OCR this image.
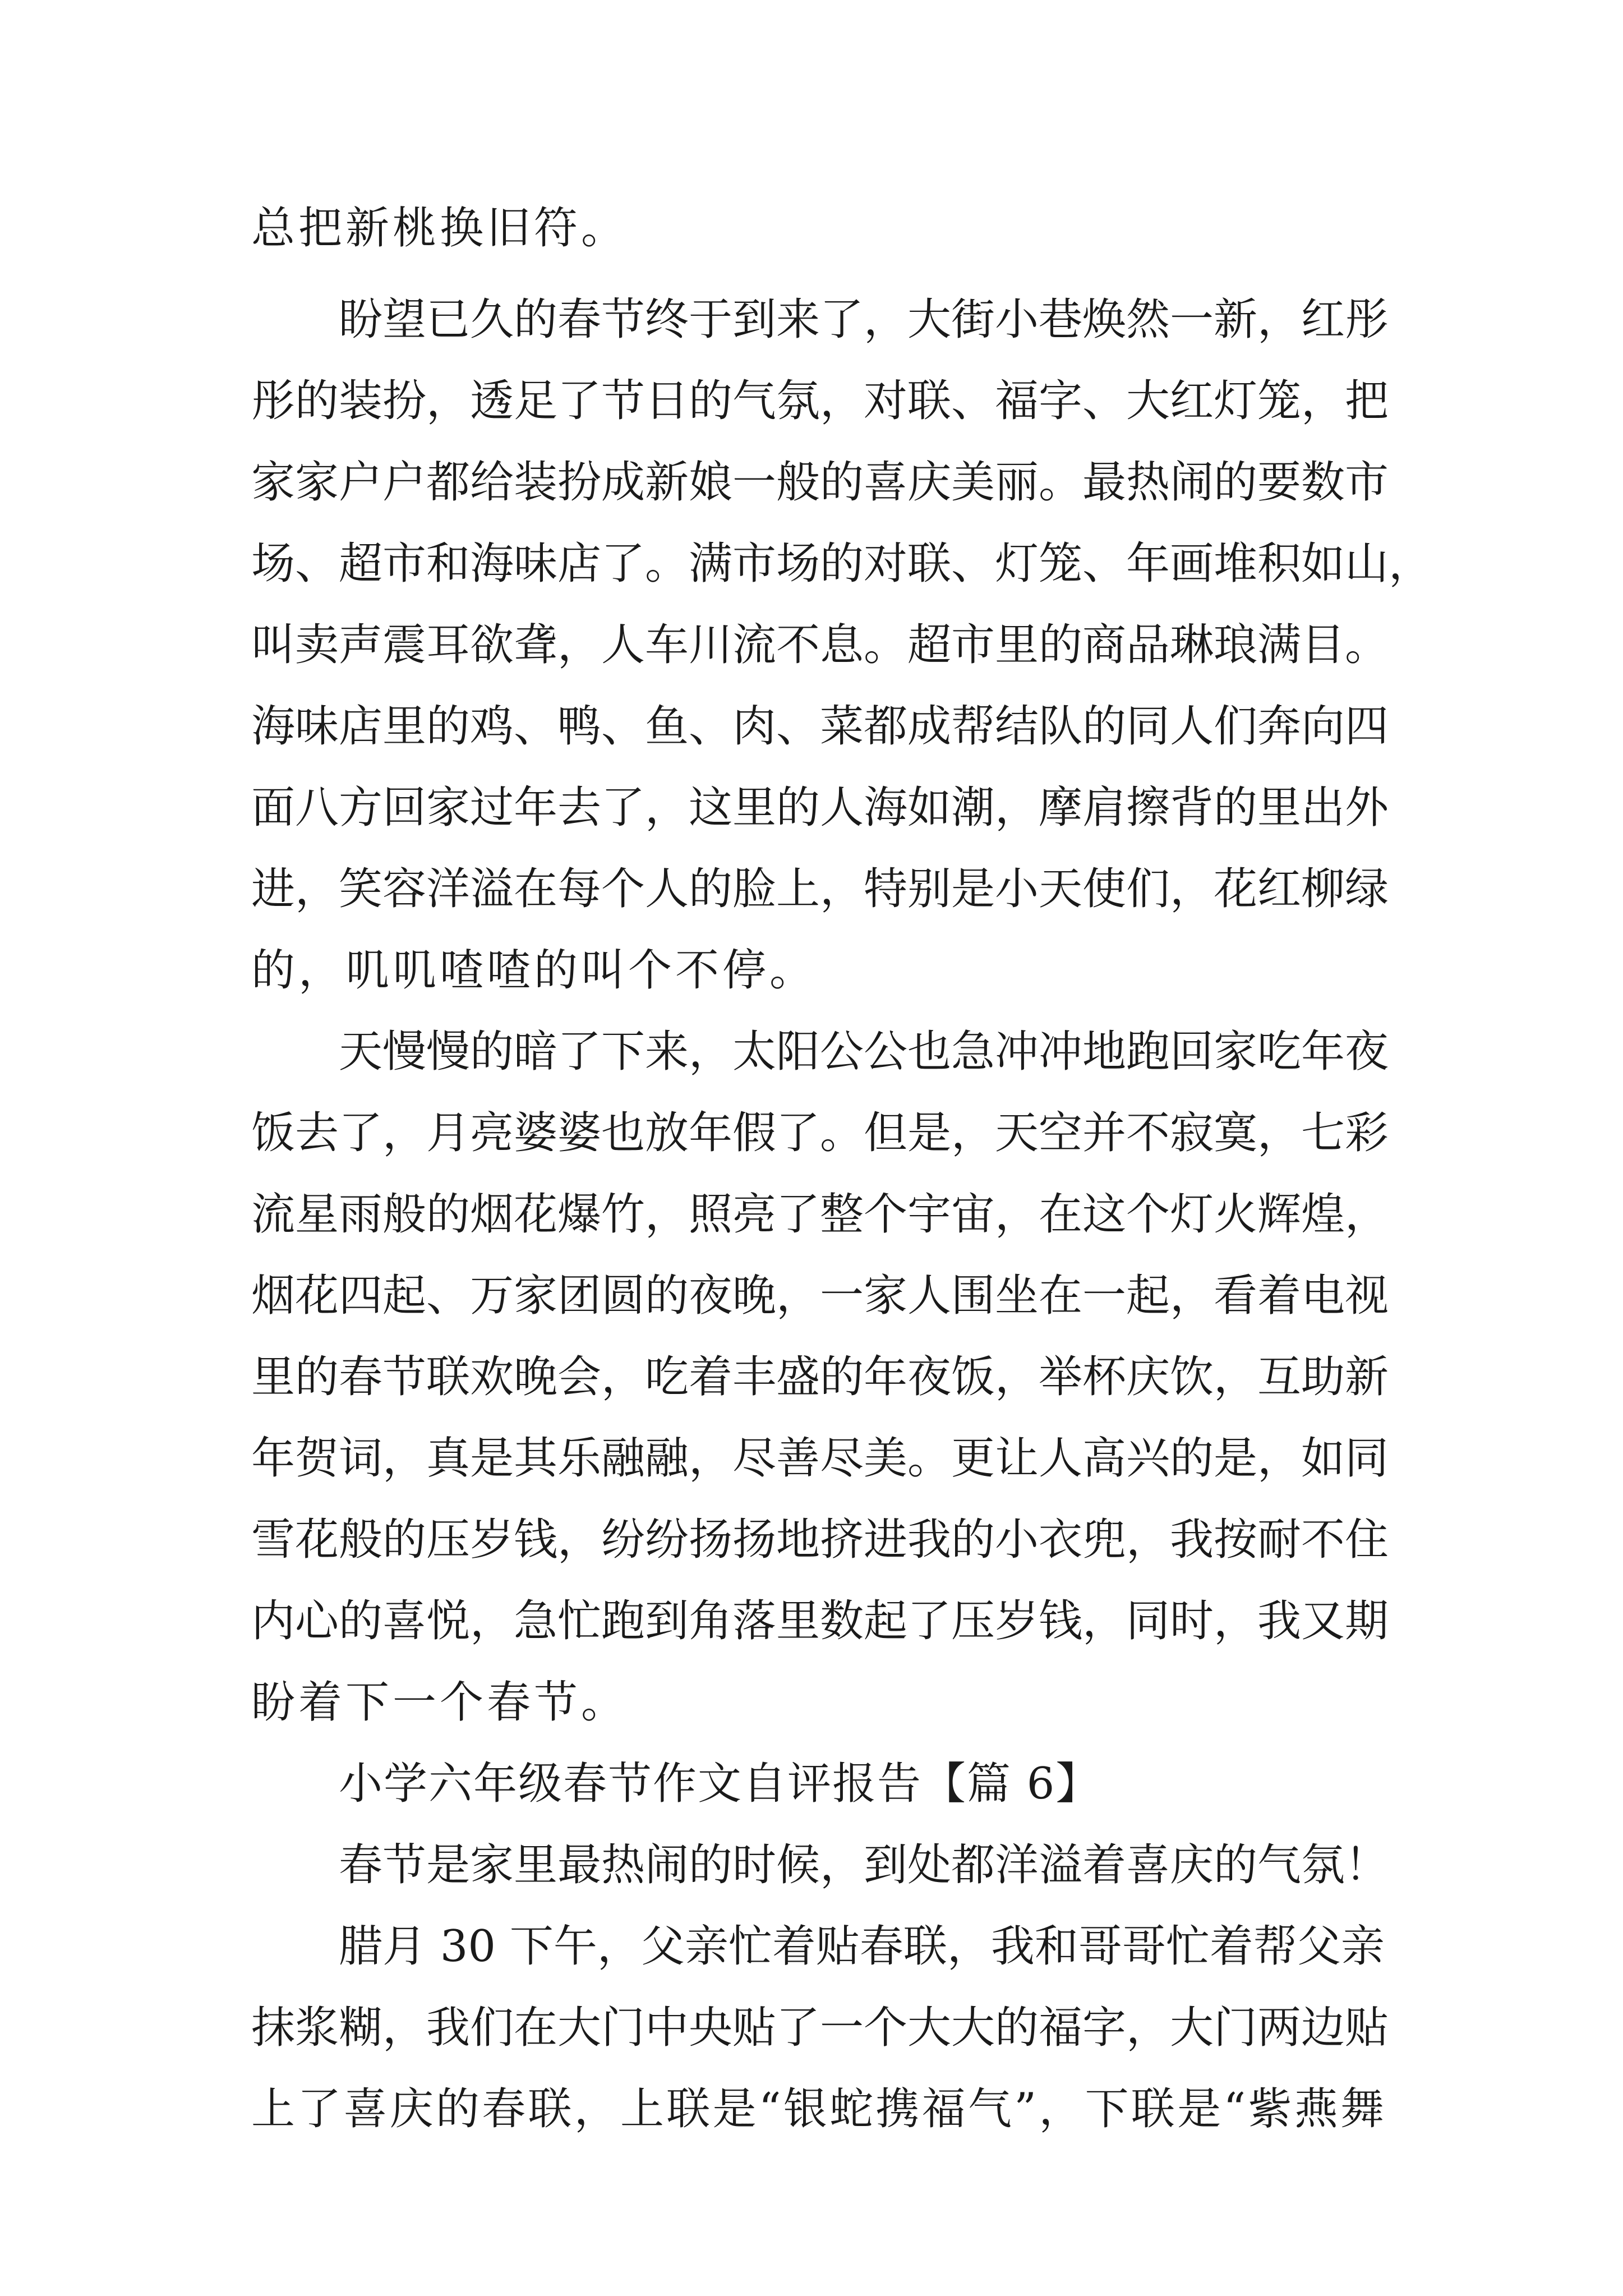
总把新桃换旧符。
盼望已久的春节终于到来了，大街小巷焕然一新，红彤
彤的装扮，透足了节日的气氛，对联、福字、大红灯笼，把
家家户户都给装扮成新娘一般的喜庆美丽。最热闹的要数市
场、超市和海味店了。满市场的对联、灯笼、年画堆积如山，
叫卖声震耳欲聋，人车川流不息。超市里的商品琳琅满目。
海味店里的鸡、鸭、鱼、肉、菜都成帮结队的同人们奔向四
面八方回家过年去了，这里的人海如潮，摩肩擦背的里出外
进，笑容洋溢在每个人的脸上，特别是小天使们，花红柳绿
的，叽叽喳喳的叫个不停。
天慢慢的暗了下来，太阳公公也急冲冲地跑回家吃年夜
饭去了，月亮婆婆也放年假了。但是，天空并不寂寞，七彩
流星雨般的烟花爆竹，照亮了整个宇宙，在这个灯火辉煌，
烟花四起、万家团圆的夜晚，一家人围坐在一起，看着电视
里的春节联欢晚会，吃着丰盛的年夜饭，举杯庆饮，互助新
年贺词，真是其乐融融，尽善尽美。更让人高兴的是，如同
雪花般的压岁钱，纷纷扬扬地挤进我的小衣兜，我按耐不住
内心的喜悦，急忙跑到角落里数起了压岁钱，同时，我又期
盼着下一个春节。
小学六年级春节作文自评报告【篇 6】
春节是家里最热闹的时候，到处都洋溢着喜庆的气氛！
腊月 30 下午，父亲忙着贴春联，我和哥哥忙着帮父亲
抹浆糊，我们在大门中央贴了一个大大的福字，大门两边贴
上了喜庆的春联，上联是“银蛇携福气”，下联是“紫燕舞
